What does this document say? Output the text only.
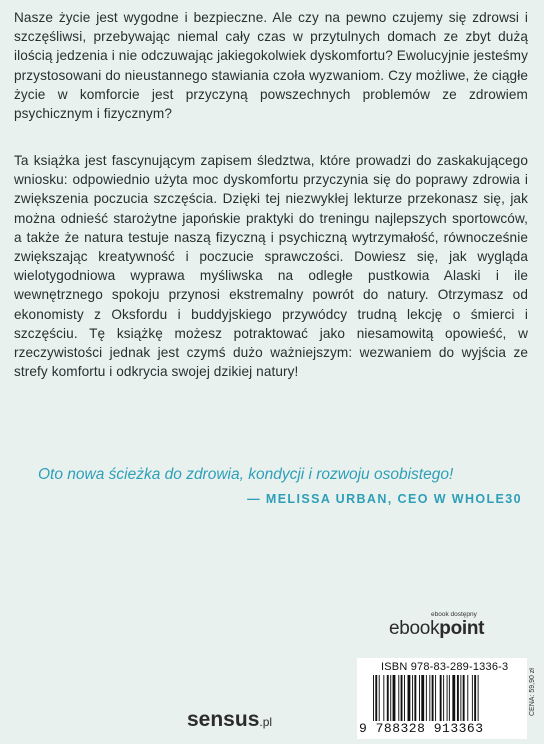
Nasze życie jest wygodne i bezpieczne. Ale czy na pewno czujemy się zdrowsi i szczęśliwsi, przebywając niemal cały czas w przytulnych domach ze zbyt dużą ilością jedzenia i nie odczuwając jakiegokolwiek dyskomfortu? Ewolucyjnie jesteśmy przystosowani do nieustannego stawiania czoła wyzwaniom. Czy możliwe, że ciągłe życie w komforcie jest przyczyną powszechnych problemów ze zdrowiem psychicznym i fizycznym?

Ta książka jest fascynującym zapisem śledztwa, które prowadzi do zaskakującego wniosku: odpowiednio użyta moc dyskomfortu przyczynia się do poprawy zdrowia i zwiększenia poczucia szczęścia. Dzięki tej niezwykłej lekturze przekonasz się, jak można odnieść starożytne japońskie praktyki do treningu najlepszych sportowców, a także że natura testuje naszą fizyczną i psychiczną wytrzymałość, równocześnie zwiększając kreatywność i poczucie sprawczości. Dowiesz się, jak wygląda wielotygodniowa wyprawa myśliwska na odległe pustkowia Alaski i ile wewnętrznego spokoju przynosi ekstremalny powrót do natury. Otrzymasz od ekonomisty z Oksfordu i buddyjskiego przywódcy trudną lekcję o śmierci i szczęściu. Tę książkę możesz potraktować jako niesamowitą opowieść, w rzeczywistości jednak jest czymś dużo ważniejszym: wezwaniem do wyjścia ze strefy komfortu i odkrycia swojej dzikiej natury!

Oto nowa ścieżka do zdrowia, kondycji i rozwoju osobistego!

— MELISSA URBAN, CEO W WHOLE30

ebook dostępny
ebookpoint
ISBN 978-83-289-1336-3
9 788328 913363
CENA: 59,90 zł
sensus.pl
